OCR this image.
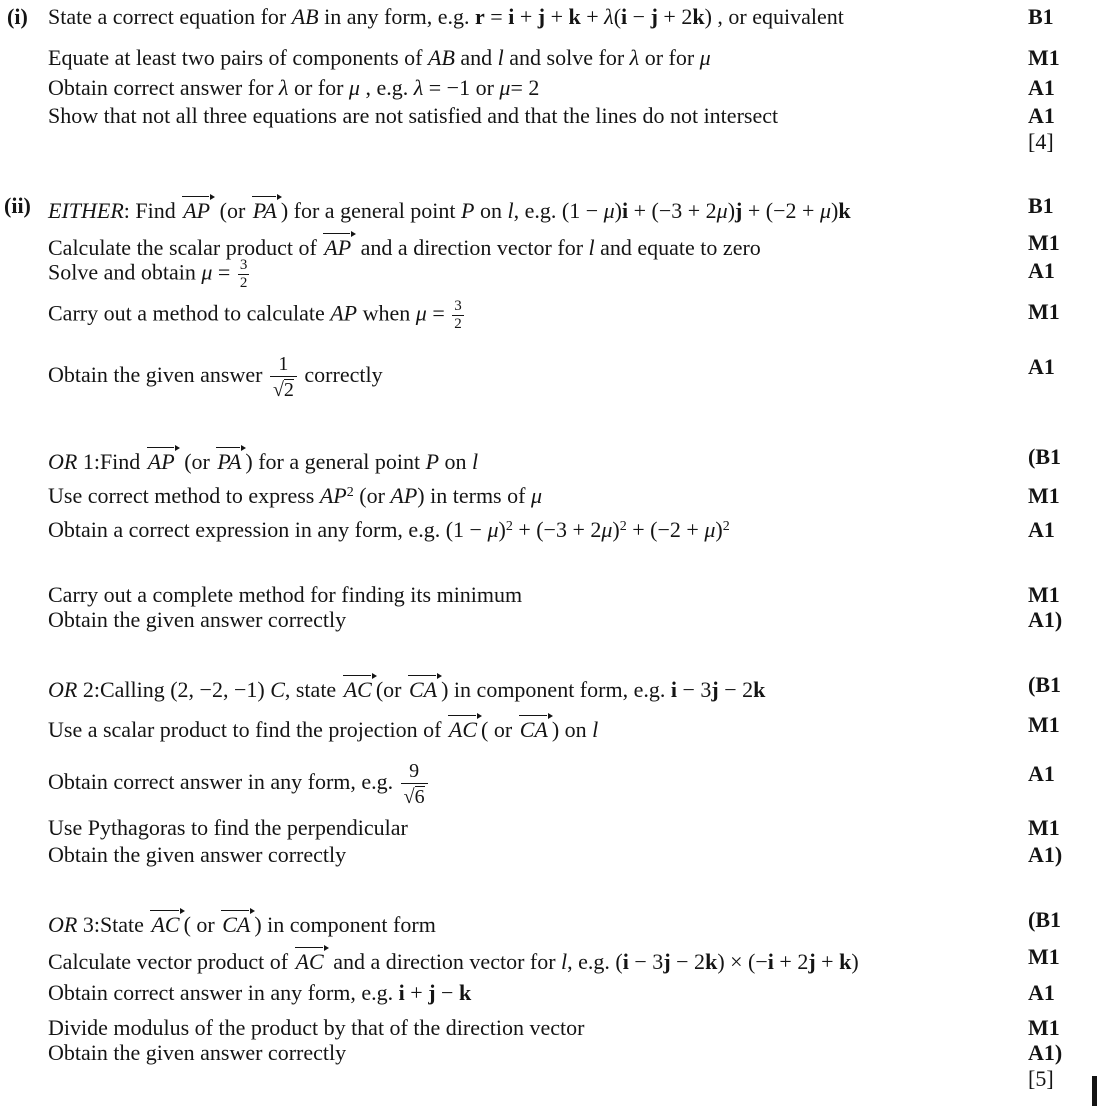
(i) State a correct equation for AB in any form, e.g. r = i + j + k + λ(i − j + 2k) , or equivalent	B1
Equate at least two pairs of components of AB and l and solve for λ or for μ	M1
Obtain correct answer for λ or for μ , e.g. λ = −1 or μ= 2	A1
Show that not all three equations are not satisfied and that the lines do not intersect	A1
[4]
(ii) EITHER: Find AP (or PA ) for a general point P on l, e.g. (1 − μ)i + (−3 + 2μ)j + (−2 + μ)k	B1
Calculate the scalar product of AP and a direction vector for l and equate to zero	M1
Solve and obtain $\mu = \frac{3}{2}$	A1
Carry out a method to calculate AP when $\mu = \frac{3}{2}$	M1
Obtain the given answer $\frac{1}{√2}$ correctly	A1
OR 1:Find AP (or PA ) for a general point P on l	(B1
Use correct method to express $AP^2$ (or AP) in terms of μ	M1
Obtain a correct expression in any form, e.g. $(1 - \mu)^2 + (-3 + 2\mu)^2 + (-2 + \mu)^2$	A1
Carry out a complete method for finding its minimum	M1
Obtain the given answer correctly	A1)
OR 2:Calling (2, −2, −1) C, state AC (or CA ) in component form, e.g. i − 3j − 2k	(B1
Use a scalar product to find the projection of AC ( or CA ) on l	M1
Obtain correct answer in any form, e.g. $\frac{9}{√6}$	A1
Use Pythagoras to find the perpendicular	M1
Obtain the given answer correctly	A1)
OR 3:State AC ( or CA ) in component form	(B1
Calculate vector product of AC and a direction vector for l, e.g. (i − 3j − 2k) × (−i + 2j + k)	M1
Obtain correct answer in any form, e.g. i + j − k	A1
Divide modulus of the product by that of the direction vector	M1
Obtain the given answer correctly	A1)
[5]
